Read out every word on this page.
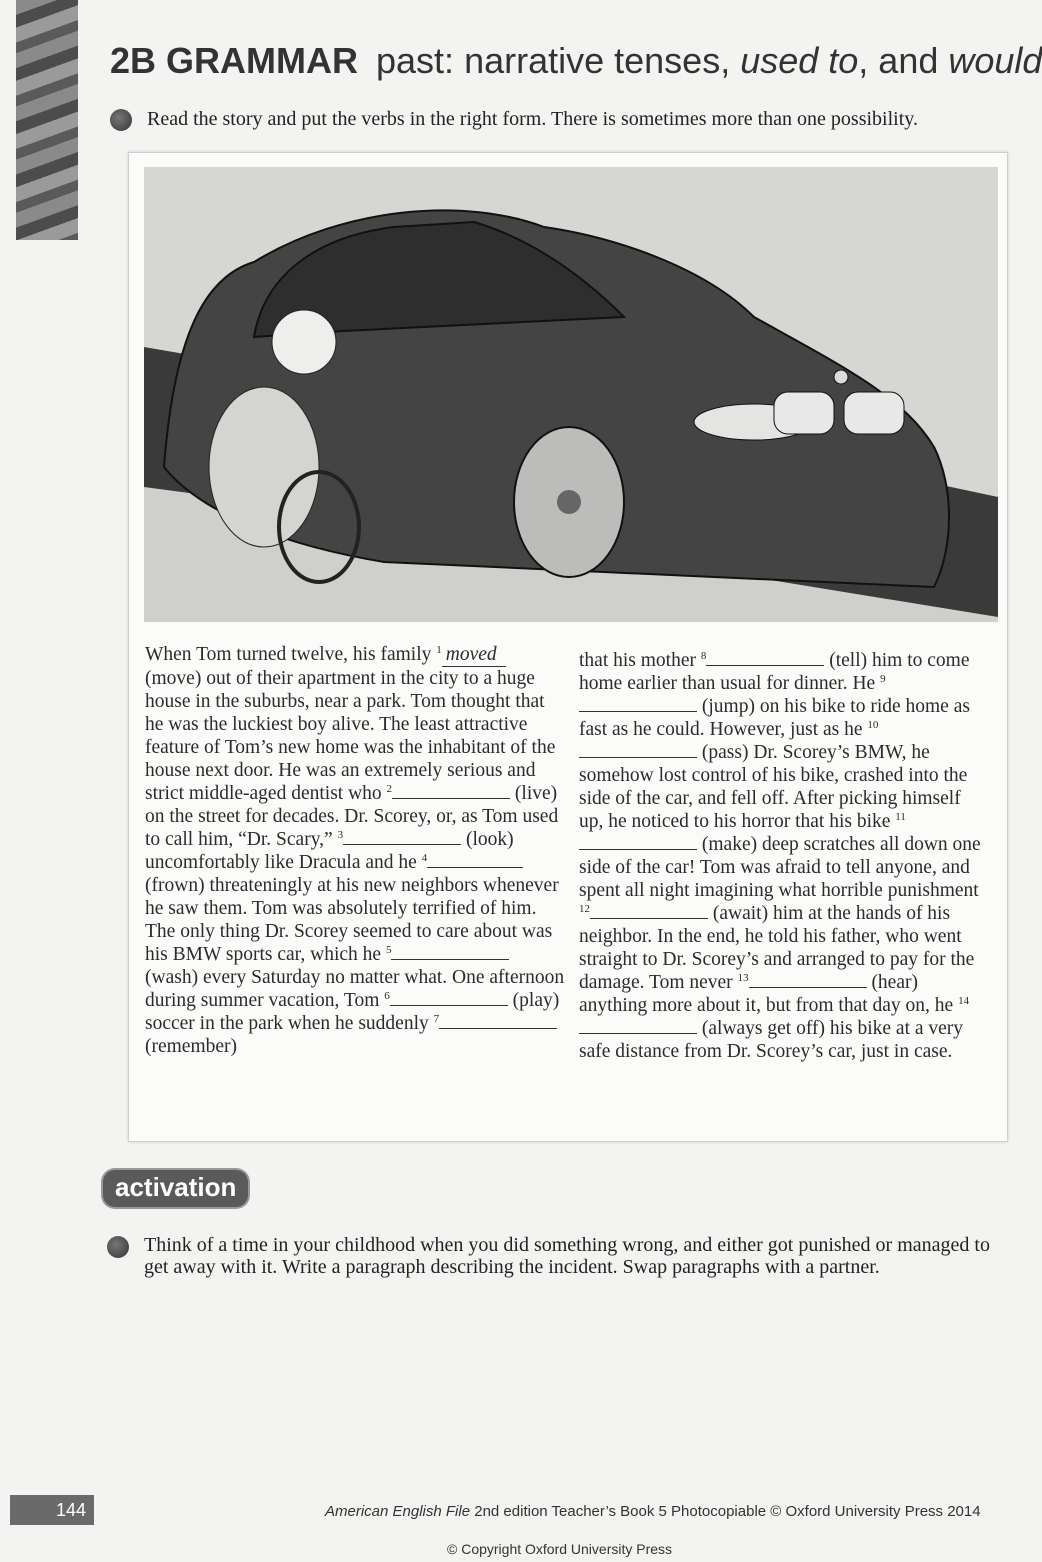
2B GRAMMAR past: narrative tenses, used to, and would
Read the story and put the verbs in the right form. There is sometimes more than one possibility.
When Tom turned twelve, his family $^1$ moved (move) out of their apartment in the city to a huge house in the suburbs, near a park. Tom thought that he was the luckiest boy alive. The least attractive feature of Tom’s new home was the inhabitant of the house next door. He was an extremely serious and strict middle-aged dentist who $^2$	(live) on the street for decades. Dr. Scorey, or, as Tom used to call him, “Dr. Scary,” $^3$	(look) uncomfortably like Dracula and he $^4$ (frown) threateningly at his new neighbors whenever he saw them. Tom was absolutely terrified of him. The only thing Dr. Scorey seemed to care about was his BMW sports car, which he $^5$ (wash) every Saturday no matter what. One afternoon during summer vacation, Tom $^6$	(play) soccer in the park when he suddenly $^7$ (remember)
that his mother $^8$	(tell) him to come home earlier than usual for dinner. He $^9$ (jump) on his bike to ride home as fast as he could. However, just as he $^{10}$ (pass) Dr. Scorey’s BMW, he somehow lost control of his bike, crashed into the side of the car, and fell off. After picking himself up, he noticed to his horror that his bike $^{11}$ (make) deep scratches all down one side of the car! Tom was afraid to tell anyone, and spent all night imagining what horrible punishment $^{12}$	(await) him at the hands of his neighbor. In the end, he told his father, who went straight to Dr. Scorey’s and arranged to pay for the damage. Tom never $^{13}$	(hear) anything more about it, but from that day on, he $^{14}$ (always get off) his bike at a very safe distance from Dr. Scorey’s car, just in case.
activation
Think of a time in your childhood when you did something wrong, and either got punished or managed to get away with it. Write a paragraph describing the incident. Swap paragraphs with a partner.
144	American English File 2nd edition Teacher’s Book 5 Photocopiable © Oxford University Press 2014
© Copyright Oxford University Press
